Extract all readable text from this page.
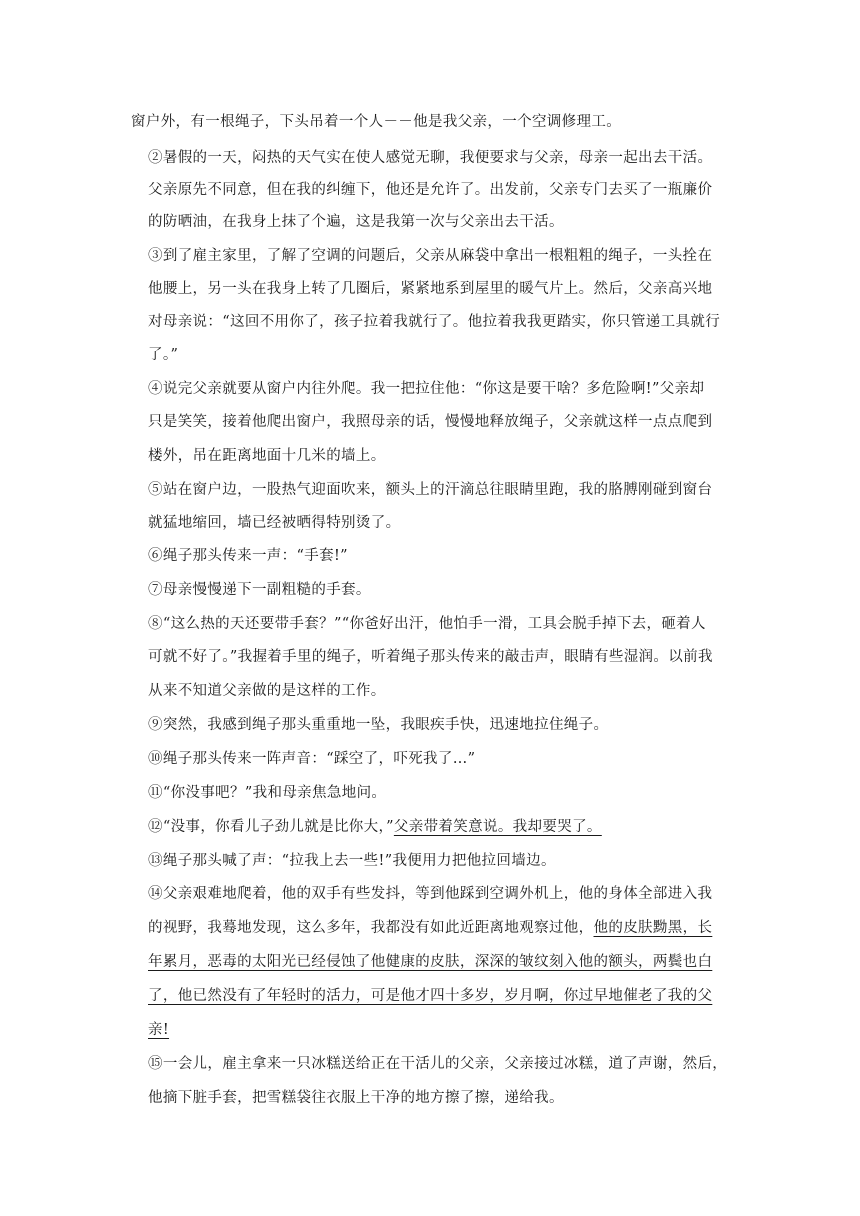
窗户外，有一根绳子，下头吊着一个人－－他是我父亲，一个空调修理工。
②暑假的一天，闷热的天气实在使人感觉无聊，我便要求与父亲，母亲一起出去干活。
父亲原先不同意，但在我的纠缠下，他还是允许了。出发前，父亲专门去买了一瓶廉价
的防晒油，在我身上抹了个遍，这是我第一次与父亲出去干活。
③到了雇主家里，了解了空调的问题后，父亲从麻袋中拿出一根粗粗的绳子，一头拴在
他腰上，另一头在我身上转了几圈后，紧紧地系到屋里的暖气片上。然后，父亲高兴地
对母亲说：“这回不用你了，孩子拉着我就行了。他拉着我我更踏实，你只管递工具就行
了。”
④说完父亲就要从窗户内往外爬。我一把拉住他：“你这是要干啥？多危险啊!”父亲却
只是笑笑，接着他爬出窗户，我照母亲的话，慢慢地释放绳子，父亲就这样一点点爬到
楼外，吊在距离地面十几米的墙上。
⑤站在窗户边，一股热气迎面吹来，额头上的汗滴总往眼睛里跑，我的胳膊刚碰到窗台
就猛地缩回，墙已经被晒得特别烫了。
⑥绳子那头传来一声：“手套!”
⑦母亲慢慢递下一副粗糙的手套。
⑧“这么热的天还要带手套？”“你爸好出汗，他怕手一滑，工具会脱手掉下去，砸着人
可就不好了。”我握着手里的绳子，听着绳子那头传来的敲击声，眼睛有些湿润。以前我
从来不知道父亲做的是这样的工作。
⑨突然，我感到绳子那头重重地一坠，我眼疾手快，迅速地拉住绳子。
⑩绳子那头传来一阵声音：“踩空了，吓死我了…”
⑪“你没事吧？”我和母亲焦急地问。
⑫“没事，你看儿子劲儿就是比你大，”父亲带着笑意说。我却要哭了。
⑬绳子那头喊了声：“拉我上去一些!”我便用力把他拉回墙边。
⑭父亲艰难地爬着，他的双手有些发抖，等到他踩到空调外机上，他的身体全部进入我
的视野，我蓦地发现，这么多年，我都没有如此近距离地观察过他，他的皮肤黝黑，长
年累月，恶毒的太阳光已经侵蚀了他健康的皮肤，深深的皱纹刻入他的额头，两鬓也白
了，他已然没有了年轻时的活力，可是他才四十多岁，岁月啊，你过早地催老了我的父
亲!
⑮一会儿，雇主拿来一只冰糕送给正在干活儿的父亲，父亲接过冰糕，道了声谢，然后，
他摘下脏手套，把雪糕袋往衣服上干净的地方擦了擦，递给我。
